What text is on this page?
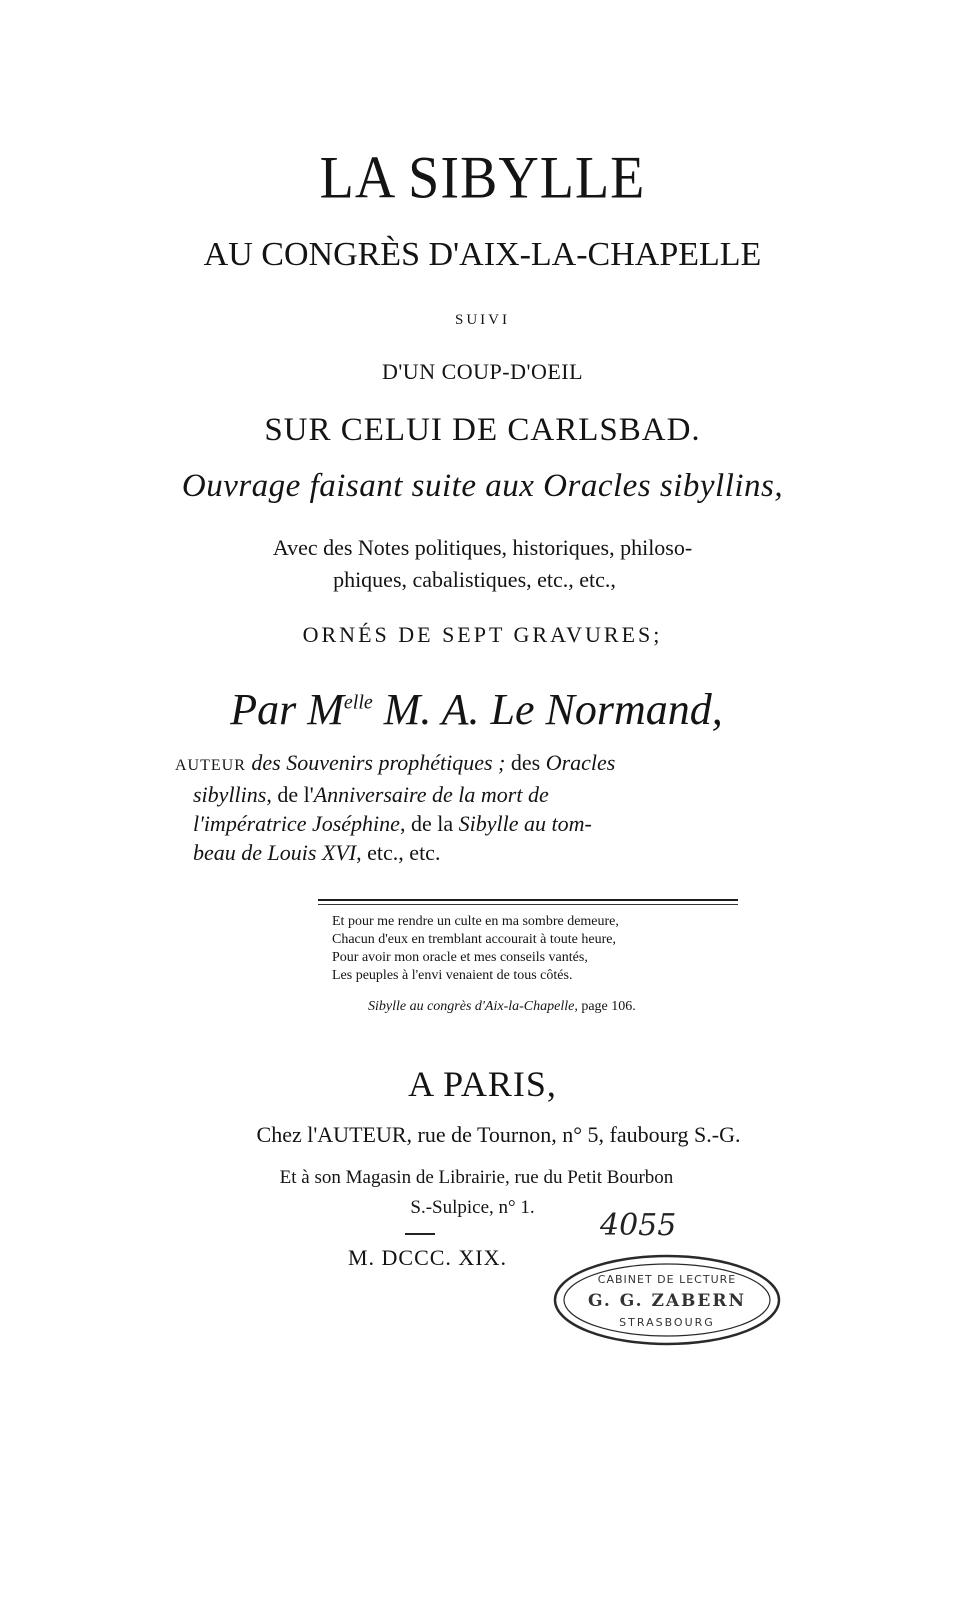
LA SIBYLLE
AU CONGRÈS D'AIX-LA-CHAPELLE
SUIVI
D'UN COUP-D'OEIL
SUR CELUI DE CARLSBAD.
Ouvrage faisant suite aux Oracles sibyllins,
Avec des Notes politiques, historiques, philoso-
phiques, cabalistiques, etc., etc.,
ORNÉS DE SEPT GRAVURES;
Par $M^{elle}$ M. A. Le Normand,
AUTEUR des Souvenirs prophétiques ; des Oracles
sibyllins, de l'Anniversaire de la mort de
l'impératrice Joséphine, de la Sibylle au tom-
beau de Louis XVI, etc., etc.
Et pour me rendre un culte en ma sombre demeure,
Chacun d'eux en tremblant accourait à toute heure,
Pour avoir mon oracle et mes conseils vantés,
Les peuples à l'envi venaient de tous côtés.
Sibylle au congrès d'Aix-la-Chapelle, page 106.
A PARIS,
Chez l'AUTEUR, rue de Tournon, n° 5, faubourg S.-G.
Et à son Magasin de Librairie, rue du Petit Bourbon
S.-Sulpice, n° 1.
M. DCCC. XIX.
4055
CABINET DE LECTURE
G. G. ZABERN
STRASBOURG
